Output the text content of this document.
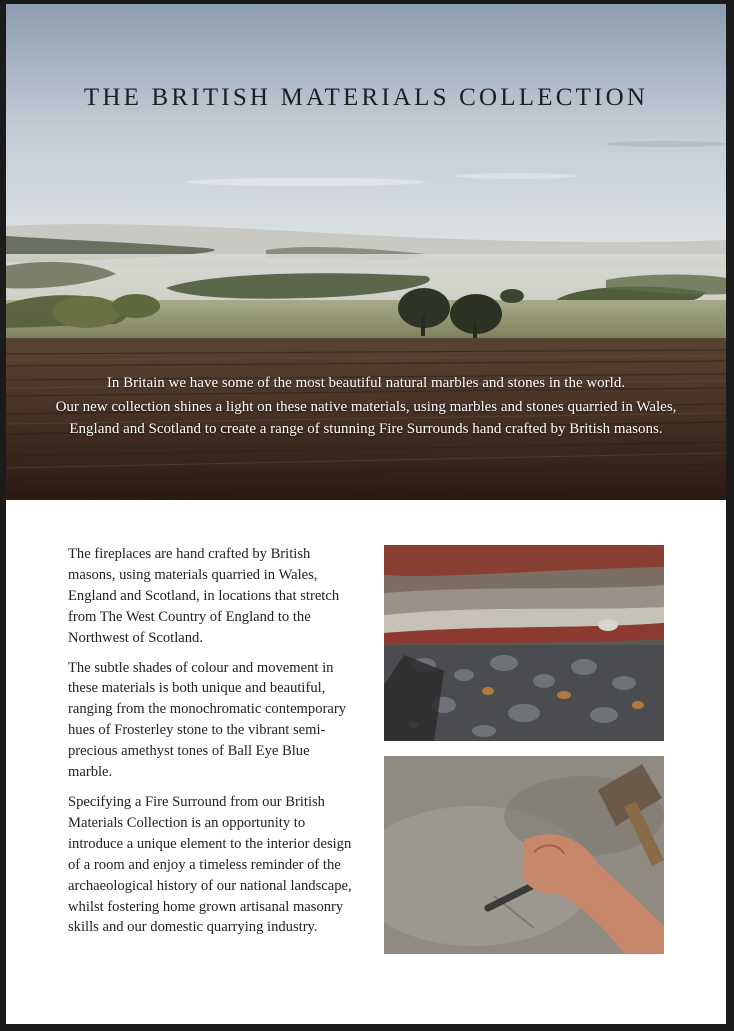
THE BRITISH MATERIALS COLLECTION

In Britain we have some of the most beautiful natural marbles and stones in the world.

Our new collection shines a light on these native materials, using marbles and stones quarried in Wales, England and Scotland to create a range of stunning Fire Surrounds hand crafted by British masons.

The fireplaces are hand crafted by British masons, using materials quarried in Wales, England and Scotland, in locations that stretch from The West Country of England to the Northwest of Scotland.

The subtle shades of colour and movement in these materials is both unique and beautiful, ranging from the monochromatic contemporary hues of Frosterley stone to the vibrant semi-precious amethyst tones of Ball Eye Blue marble.

Specifying a Fire Surround from our British Materials Collection is an opportunity to introduce a unique element to the interior design of a room and enjoy a timeless reminder of the archaeological history of our national landscape, whilst fostering home grown artisanal masonry skills and our domestic quarrying industry.
